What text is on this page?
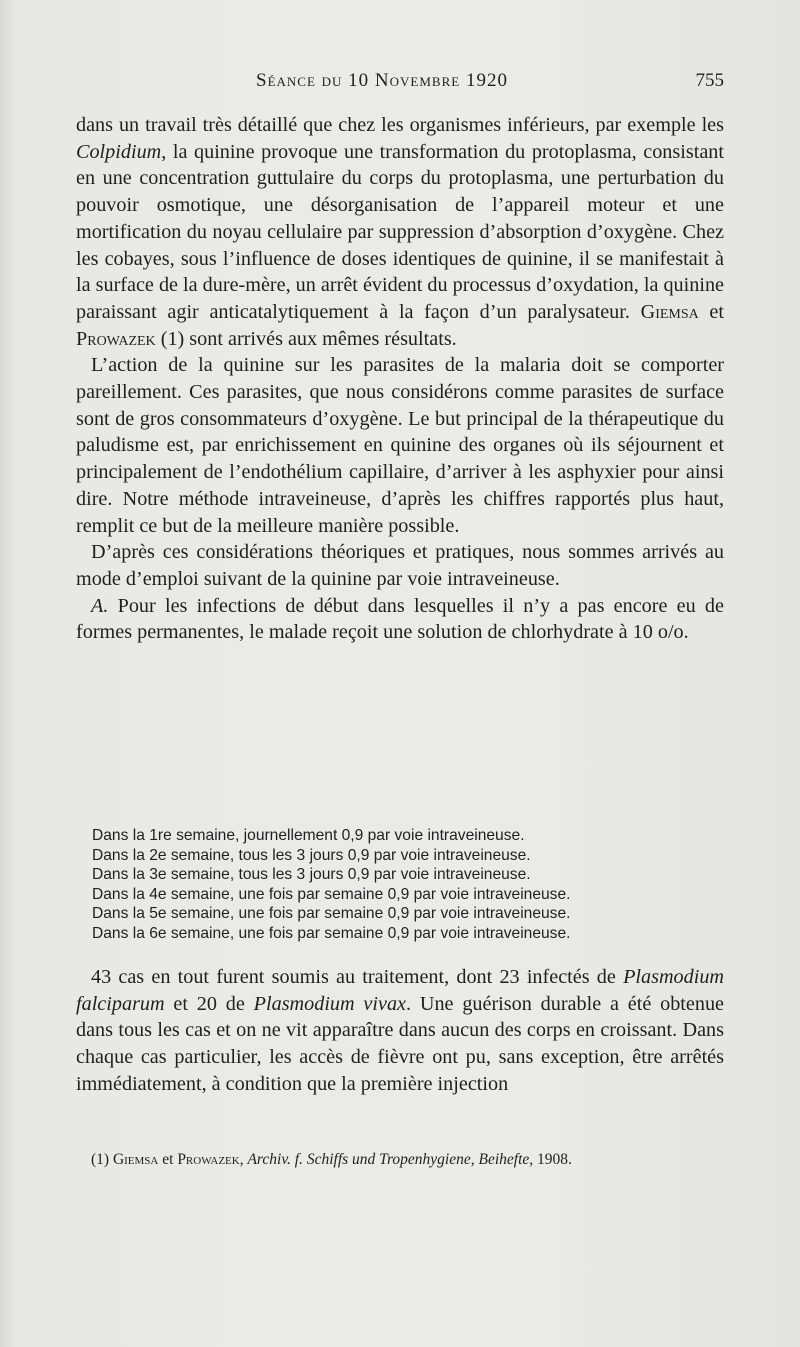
Séance du 10 Novembre 1920	755

dans un travail très détaillé que chez les organismes inférieurs, par exemple les Colpidium, la quinine provoque une transformation du protoplasma, consistant en une concentration guttulaire du corps du protoplasma, une perturbation du pouvoir osmotique, une désorganisation de l’appareil moteur et une mortification du noyau cellulaire par suppression d’absorption d’oxygène. Chez les cobayes, sous l’influence de doses identiques de quinine, il se manifestait à la surface de la dure-mère, un arrêt évident du processus d’oxydation, la quinine paraissant agir anticatalytiquement à la façon d’un paralysateur. Giemsa et Prowazek (1) sont arrivés aux mêmes résultats.

L’action de la quinine sur les parasites de la malaria doit se comporter pareillement. Ces parasites, que nous considérons comme parasites de surface sont de gros consommateurs d’oxygène. Le but principal de la thérapeutique du paludisme est, par enrichissement en quinine des organes où ils séjournent et principalement de l’endothélium capillaire, d’arriver à les asphyxier pour ainsi dire. Notre méthode intraveineuse, d’après les chiffres rapportés plus haut, remplit ce but de la meilleure manière possible.

D’après ces considérations théoriques et pratiques, nous sommes arrivés au mode d’emploi suivant de la quinine par voie intraveineuse.

A. Pour les infections de début dans lesquelles il n’y a pas encore eu de formes permanentes, le malade reçoit une solution de chlorhydrate à 10 o/o.

Dans la 1re semaine, journellement 0,9 par voie intraveineuse.
Dans la 2e semaine, tous les 3 jours 0,9 par voie intraveineuse.
Dans la 3e semaine, tous les 3 jours 0,9 par voie intraveineuse.
Dans la 4e semaine, une fois par semaine 0,9 par voie intraveineuse.
Dans la 5e semaine, une fois par semaine 0,9 par voie intraveineuse.
Dans la 6e semaine, une fois par semaine 0,9 par voie intraveineuse.

43 cas en tout furent soumis au traitement, dont 23 infectés de Plasmodium falciparum et 20 de Plasmodium vivax. Une guérison durable a été obtenue dans tous les cas et on ne vit apparaître dans aucun des corps en croissant. Dans chaque cas particulier, les accès de fièvre ont pu, sans exception, être arrêtés immédiatement, à condition que la première injection

(1) Giemsa et Prowazek, Archiv. f. Schiffs und Tropenhygiene, Beihefte, 1908.
